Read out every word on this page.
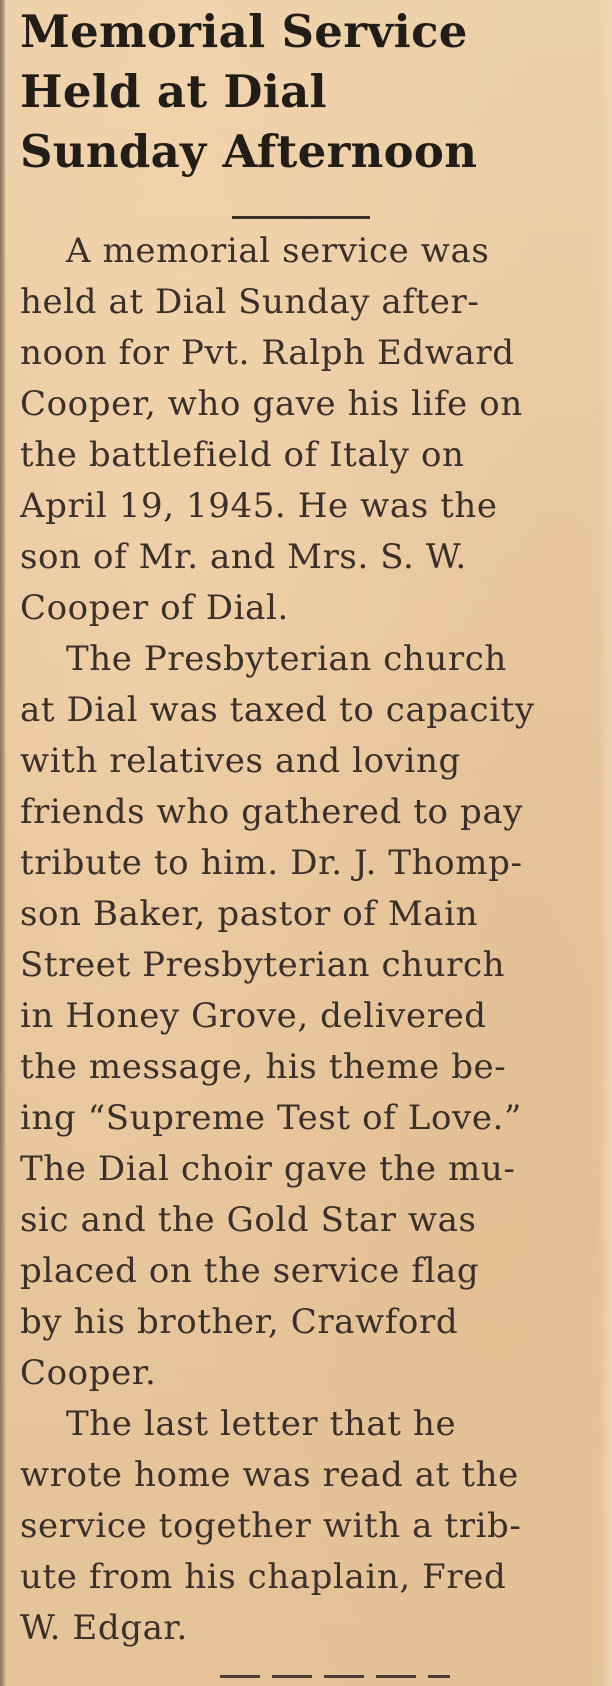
Memorial Service
Held at Dial
Sunday Afternoon
A memorial service was
held at Dial Sunday after-
noon for Pvt. Ralph Edward
Cooper, who gave his life on
the battlefield of Italy on
April 19, 1945. He was the
son of Mr. and Mrs. S. W.
Cooper of Dial.
The Presbyterian church
at Dial was taxed to capacity
with relatives and loving
friends who gathered to pay
tribute to him. Dr. J. Thomp-
son Baker, pastor of Main
Street Presbyterian church
in Honey Grove, delivered
the message, his theme be-
ing “Supreme Test of Love.”
The Dial choir gave the mu-
sic and the Gold Star was
placed on the service flag
by his brother, Crawford
Cooper.
The last letter that he
wrote home was read at the
service together with a trib-
ute from his chaplain, Fred
W. Edgar.
